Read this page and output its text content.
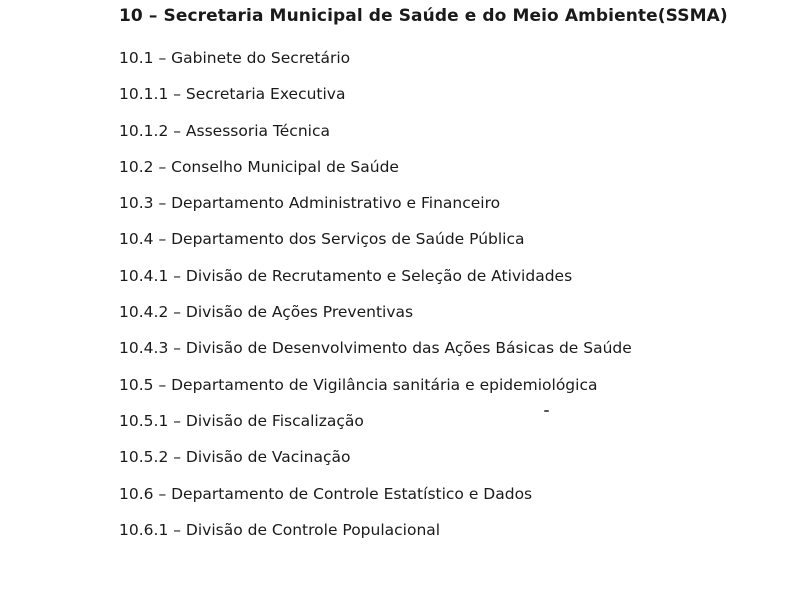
10 – Secretaria Municipal de Saúde e do Meio Ambiente(SSMA)
10.1 – Gabinete do Secretário
10.1.1 – Secretaria Executiva
10.1.2 – Assessoria Técnica
10.2 – Conselho Municipal de Saúde
10.3 – Departamento Administrativo e Financeiro
10.4 – Departamento dos Serviços de Saúde Pública
10.4.1 – Divisão de Recrutamento e Seleção de Atividades
10.4.2 – Divisão de Ações Preventivas
10.4.3 – Divisão de Desenvolvimento das Ações Básicas de Saúde
10.5 – Departamento de Vigilância sanitária e epidemiológica
10.5.1 – Divisão de Fiscalização
10.5.2 – Divisão de Vacinação
10.6 – Departamento de Controle Estatístico e Dados
10.6.1 – Divisão de Controle Populacional
